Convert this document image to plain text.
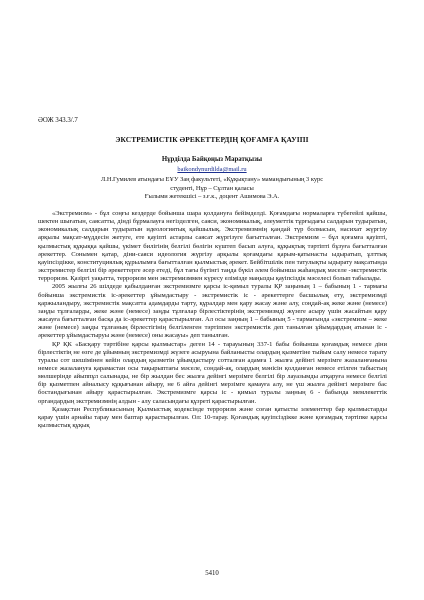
ӘОЖ 343.3/.7
ЭКСТРЕМИСТІК ӘРЕКЕТТЕРДІҢ ҚОҒАМҒА ҚАУІПІ
Нұрділда Байқоңыз Маратқызы
baikondynurdilda@mail.ru
Л.Н.Гумилев атындағы ЕҰУ Заң факультеті, «Құқықтану» мамандығының 3 курс
студенті, Нұр – Сұлтан қаласы
Ғылыми жетекшісі – з.ғ.к., доцент Ашимова Э.А.

«Экстремизм» - бұл соңғы кездерде бойынша шара қолдануға бейімделді. Қоғамдағы нормаларға түбегейлі қайшы, шектен шығатын, саясатты, дінді бұрмалауға негізделген, саяси, экономикалық, әлеуметтік тұрғыдағы салдарын тудыратын, экономикалық салдарын тудыратын идеологиятық қайшылық. Экстремизмнің қандай түр болмасын, насихат жүргізу арқылы мақсат-мүддесін жетуге, ете қауіпті астарлы саясат жүргізуге бағытталған. Экстремизм – бұл қоғамға қауіпті, қылмыстық құқыққа қайшы, үкімет билігінің белгілі бөлігін күштеп басып алуға, құқықтық тәртіпті бұзуға бағытталған әрекеттер. Сонымен қатар, діни-саяси идеология жүргізу арқылы қоғамдағы қарым-қатынасты ыдыратып, ұлттық қауіпсіздікке, конституциялық құрылымға бағытталған қылмыстық әрекет. Бейбітшілік пен татулықты ыдырату мақсатында экстремистер белгілі бір әрекеттерге әсер етеді, бұл тағы бүгінгі таңда бүкіл әлем бойынша жаһандық мәселе -экстремистік терроризм. Қазіргі уақытта, терроризм мен экстремизммен күресу елімізде маңызды қауіпсіздік мәселесі болып табылады.

2005 жылғы 26 шілдеде қабылданған экстремизмге қарсы іс-қимыл туралы ҚР заңының 1 – бабының 1 - тармағы бойынша экстремистік іс-әрекеттер ұйымдастыру - экстремистік іс - әрекеттерге басшылық ету, экстремизмді қаржыландыру, экстремистік мақсатта адамдарды тарту, құралдар мен қару жасау және алу, соңдай-ақ жеке және (немесе) заңды тұлғаларды, жеке және (немесе) заңды тұлғалар бірлестіктерінің экстремизмді жүзеге асыру үшін жасайтын қару жасауға бағытталған басқа да іс-әрекеттер қарастырылған. Ал осы заңның 1 – бабының 5 - тармағында «экстремизм – жеке және (немесе) заңды тұлғаның бірлестігінің белгіленген тәртіппен экстремистік деп танылған ұйымдардың атынан іс - әрекеттер ұйымдастыруы және (немесе) оны жасауы» деп танылған.

ҚР ҚК «Басқару тәртібіне қарсы қылмыстар» деген 14 - тарауының 337-1 бабы бойынша қоғамдық немесе діни бірлестіктің не өзге де ұйымның экстремизмді жүзеге асыруына байланысты олардың қызметіне тыйым салу немесе тарату туралы сот шешімінен кейін олардың қызметін ұйымдастыру сотталған адамға 1 жылға дейінгі мерзімге жазаланғанына немесе жазалануға қарамастан осы тақырыптағы мәселе, сондай-ақ, олардың мәнісін қолданған немесе етілген табыстың мөлшерінде айыппұл салынады, не бір жылдан бес жылға дейінгі мерзімге белгілі бір лауазымды атқаруға немесе белгілі бір қызметпен айналысу құқығынан айыру, не 6 айға дейінгі мерзімге қамауға алу, не үш жылға дейінгі мерзімге бас бостандығынан айыру қарастырылған. Экстремизмге қарсы іс - қимыл туралы заңның 6 - бабында мемлекеттік органдардың экстремизмнің алдын - алу саласындағы құзреті қарастырылған.

Қазақстан Республикасының Қылмыстық кодексінде терроризм және соған қатысты элементтер бар қылмыстарды қарау үшін арнайы тарау мен баптар қарастырылған. Ол: 10-тарау. Қоғамдық қауіпсіздікке және қоғамдық тәртіпке қарсы қылмыстық құқық

5410
